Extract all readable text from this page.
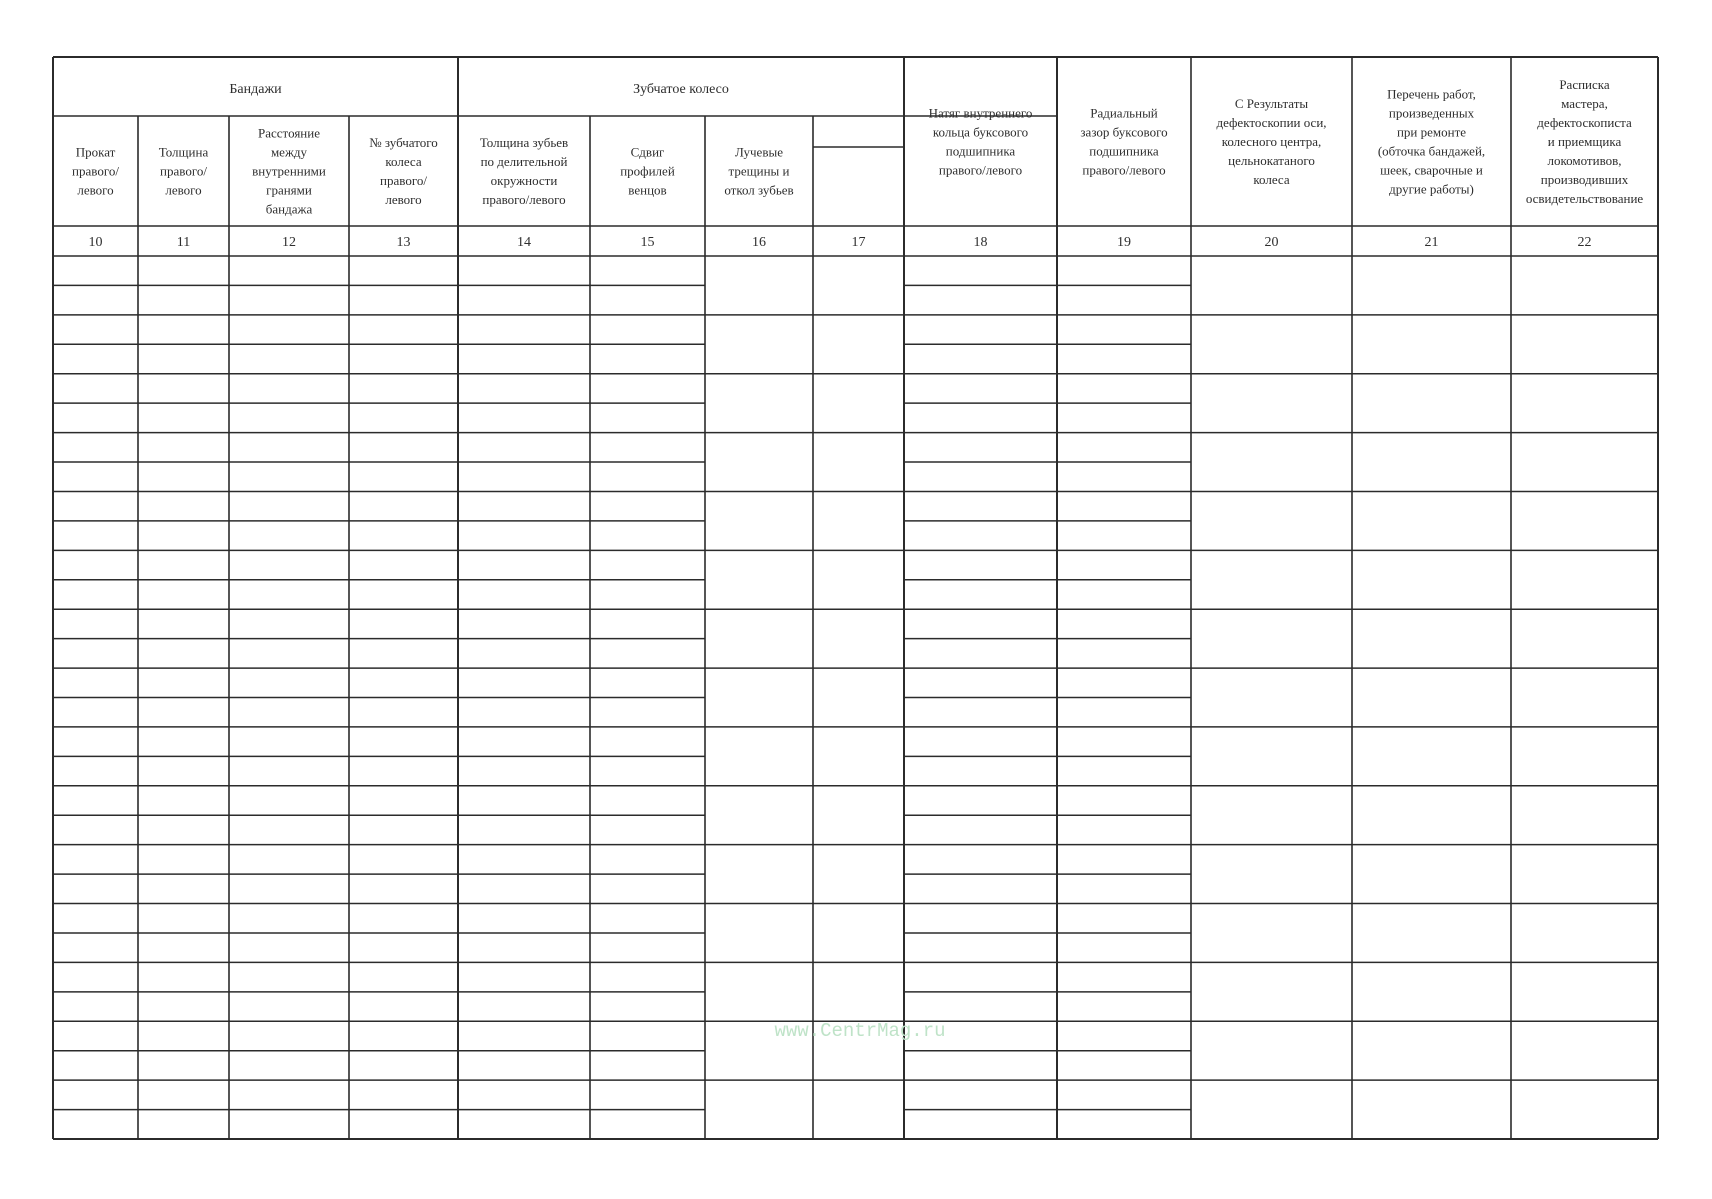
Бандажи	Зубчатое колесо
Прокат
правого/
левого
10
Толщина
правого/
левого
11
Расстояние
между
внутренними
гранями
бандажа
12
№ зубчатого
колеса
правого/
левого
13
Толщина зубьев
по делительной
окружности
правого/левого
14
Сдвиг
профилей
венцов
15
Лучевые
трещины и
откол зубьев
16	17
Натяг внутреннего
кольца буксового
подшипника
правого/левого
18
Радиальный
зазор буксового
подшипника
правого/левого
19
С Результаты
дефектоскопии оси,
колесного центра,
цельнокатаного
колеса
20
Перечень работ,
произведенных
при ремонте
(обточка бандажей,
шеек, сварочные и
другие работы)
21
Расписка
мастера,
дефектоскописта
и приемщика
локомотивов,
производивших
освидетельствование
22
www.CentrMag.ru
